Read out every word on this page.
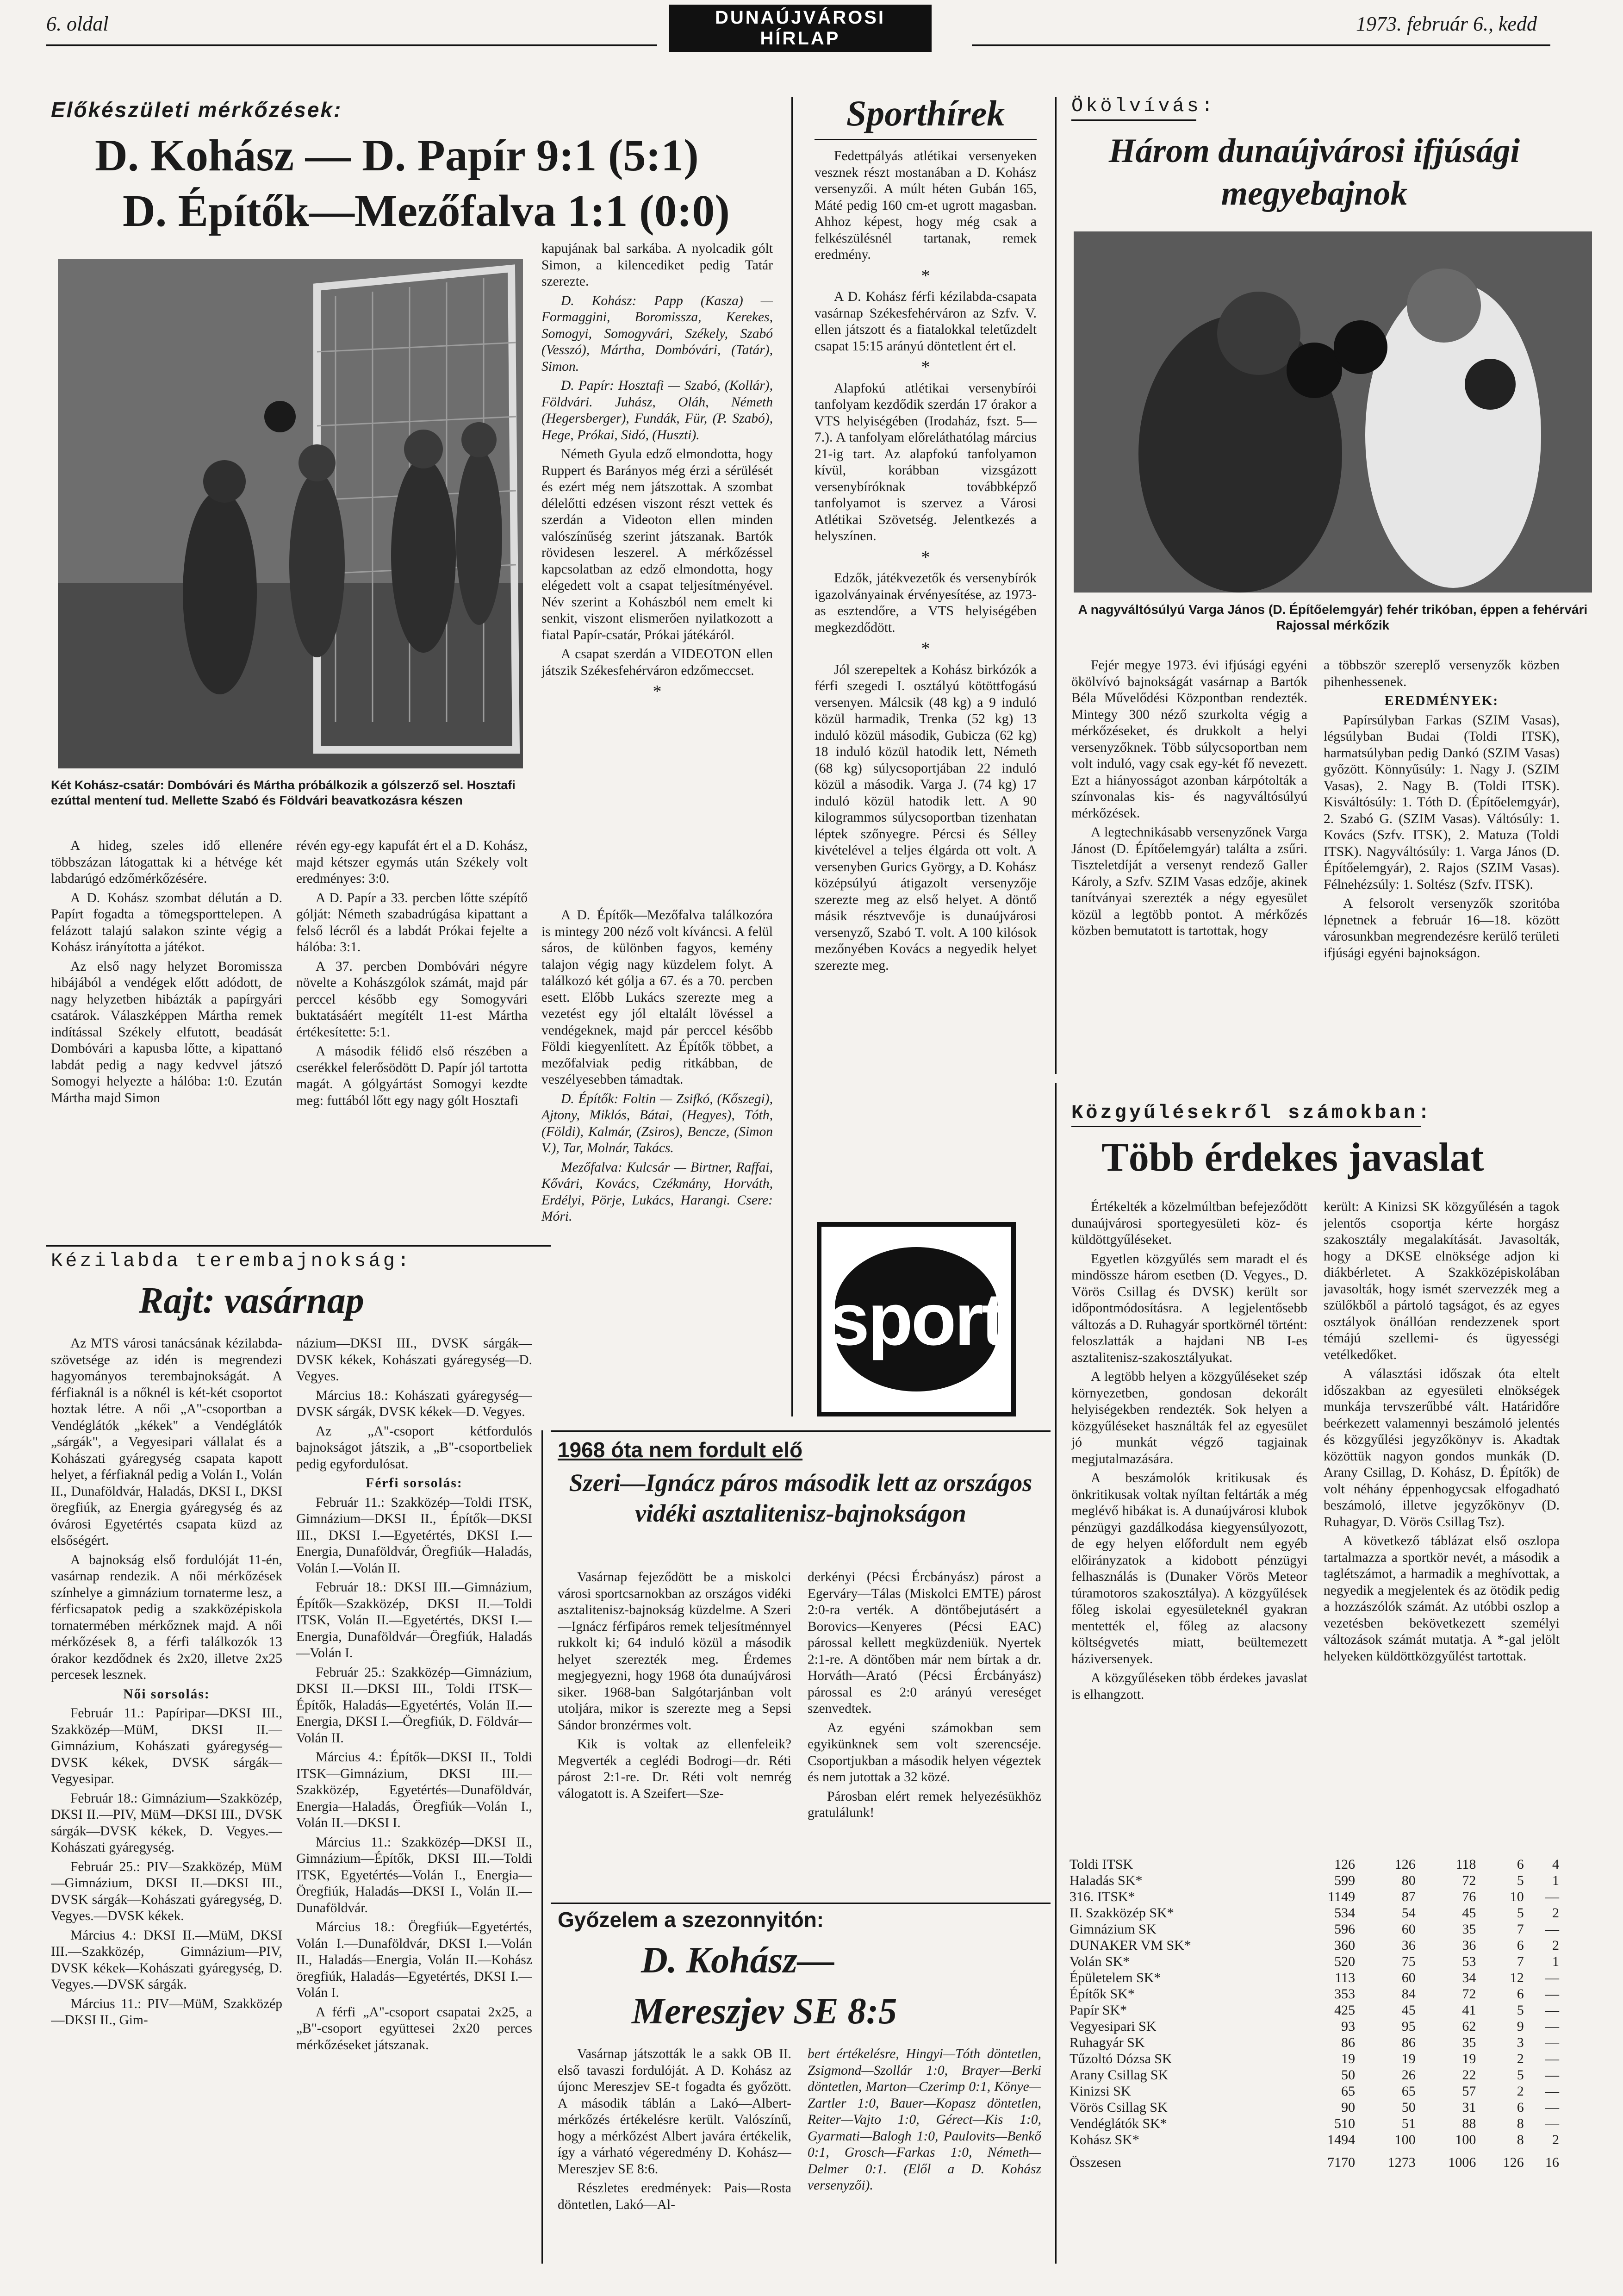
6. oldal	DUNAÚJVÁROSI HÍRLAP
1973. február 6., kedd
Előkészületi mérkőzések:
D. Kohász — D. Papír 9:1 (5:1)
D. Építők—Mezőfalva 1:1 (0:0)
Két Kohász-csatár: Dombóvári és Mártha próbálkozik a gólszerző sel. Hosztafi ezúttal mentení tud. Mellette Szabó és Földvári beavatkozásra készen

A hideg, szeles idő ellenére többszázan látogattak ki a hétvége két labdarúgó edzőmérkőzésére.

A D. Kohász szombat délután a D. Papírt fogadta a tömegsporttelepen. A felázott talajú salakon szinte végig a Kohász irányította a játékot.

Az első nagy helyzet Boromissza hibájából a vendégek előtt adódott, de nagy helyzetben hibázták a papírgyári csatárok. Válaszképpen Mártha remek indítással Székely elfutott, beadását Dombóvári a kapusba lőtte, a kipattanó labdát pedig a nagy kedvvel játszó Somogyi helyezte a hálóba: 1:0. Ezután Mártha majd Simon

révén egy-egy kapufát ért el a D. Kohász, majd kétszer egymás után Székely volt eredményes: 3:0.

A D. Papír a 33. percben lőtte szépítő gólját: Németh szabadrúgása kipattant a felső lécről és a labdát Prókai fejelte a hálóba: 3:1.

A 37. percben Dombóvári négyre növelte a Kohászgólok számát, majd pár perccel később egy Somogyvári buktatásáért megítélt 11-est Mártha értékesítette: 5:1.

A második félidő első részében a cserékkel felerősödött D. Papír jól tartotta magát. A gólgyártást Somogyi kezdte meg: futtából lőtt egy nagy gólt Hosztafi

kapujának bal sarkába. A nyolcadik gólt Simon, a kilencediket pedig Tatár szerezte.

D. Kohász: Papp (Kasza) — Formaggini, Boromissza, Kerekes, Somogyi, Somogyvári, Székely, Szabó (Vesszó), Mártha, Dombóvári, (Tatár), Simon.

D. Papír: Hosztafi — Szabó, (Kollár), Földvári. Juhász, Oláh, Németh (Hegersberger), Fundák, Für, (P. Szabó), Hege, Prókai, Sidó, (Huszti).

Németh Gyula edző elmondotta, hogy Ruppert és Barányos még érzi a sérülését és ezért még nem játszottak. A szombat délelőtti edzésen viszont részt vettek és szerdán a Videoton ellen minden valószínűség szerint játszanak. Bartók rövidesen leszerel. A mérkőzéssel kapcsolatban az edző elmondotta, hogy elégedett volt a csapat teljesítményével. Név szerint a Kohászból nem emelt ki senkit, viszont elismerően nyilatkozott a fiatal Papír-csatár, Prókai játékáról.

A csapat szerdán a VIDEOTON ellen játszik Székesfehérváron edzőmeccset.

*

A D. Építők—Mezőfalva találkozóra is mintegy 200 néző volt kíváncsi. A felül sáros, de különben fagyos, kemény talajon végig nagy küzdelem folyt. A találkozó két gólja a 67. és a 70. percben esett. Előbb Lukács szerezte meg a vezetést egy jól eltalált lövéssel a vendégeknek, majd pár perccel később Földi kiegyenlített. Az Építők többet, a mezőfalviak pedig ritkábban, de veszélyesebben támadtak.

D. Építők: Foltin — Zsifkó, (Kőszegi), Ajtony, Miklós, Bátai, (Hegyes), Tóth, (Földi), Kalmár, (Zsiros), Bencze, (Simon V.), Tar, Molnár, Takács.

Mezőfalva: Kulcsár — Birtner, Raffai, Kővári, Kovács, Czékmány, Horváth, Erdélyi, Pörje, Lukács, Harangi. Csere: Móri.

Sporthírek

Fedettpályás atlétikai versenyeken vesznek részt mostanában a D. Kohász versenyzői. A múlt héten Gubán 165, Máté pedig 160 cm-et ugrott magasban. Ahhoz képest, hogy még csak a felkészülésnél tartanak, remek eredmény.

*

A D. Kohász férfi kézilabda-csapata vasárnap Székesfehérváron az Szfv. V. ellen játszott és a fiatalokkal teletűzdelt csapat 15:15 arányú döntetlent ért el.

*

Alapfokú atlétikai versenybírói tanfolyam kezdődik szerdán 17 órakor a VTS helyiségében (Irodaház, fszt. 5—7.). A tanfolyam előreláthatólag március 21-ig tart. Az alapfokú tanfolyamon kívül, korábban vizsgázott versenybíróknak továbbképző tanfolyamot is szervez a Városi Atlétikai Szövetség. Jelentkezés a helyszínen.

*

Edzők, játékvezetők és versenybírók igazolványainak érvényesítése, az 1973-as esztendőre, a VTS helyiségében megkezdődött.

*

Jól szerepeltek a Kohász birkózók a férfi szegedi I. osztályú kötöttfogású versenyen. Málcsik (48 kg) a 9 induló közül harmadik, Trenka (52 kg) 13 induló közül második, Gubicza (62 kg) 18 induló közül hatodik lett, Németh (68 kg) súlycsoportjában 22 induló közül a második. Varga J. (74 kg) 17 induló közül hatodik lett. A 90 kilogrammos súlycsoportban tizenhatan léptek szőnyegre. Pércsi és Sélley kivételével a teljes élgárda ott volt. A versenyben Gurics György, a D. Kohász középsúlyú átigazolt versenyzője szerezte meg az első helyet. A döntő másik résztvevője is dunaújvárosi versenyző, Szabó T. volt. A 100 kilósok mezőnyében Kovács a negyedik helyet szerezte meg.

sport
Ökölvívás:
Három dunaújvárosi ifjúsági megyebajnok
A nagyváltósúlyú Varga János (D. Építőelemgyár) fehér trikóban, éppen a fehérvári Rajossal mérkőzik

Fejér megye 1973. évi ifjúsági egyéni ökölvívó bajnokságát vasárnap a Bartók Béla Művelődési Központban rendezték. Mintegy 300 néző szurkolta végig a mérkőzéseket, és drukkolt a helyi versenyzőknek. Több súlycsoportban nem volt induló, vagy csak egy-két fő nevezett. Ezt a hiányosságot azonban kárpótolták a színvonalas kis- és nagyváltósúlyú mérkőzések.

A legtechnikásabb versenyzőnek Varga Jánost (D. Építőelemgyár) találta a zsűri. Tiszteletdíját a versenyt rendező Galler Károly, a Szfv. SZIM Vasas edzője, akinek tanítványai szerezték a négy egyesület közül a legtöbb pontot. A mérkőzés közben bemutatott is tartottak, hogy

a többször szereplő versenyzők közben pihenhessenek.

EREDMÉNYEK:

Papírsúlyban Farkas (SZIM Vasas), légsúlyban Budai (Toldi ITSK), harmatsúlyban pedig Dankó (SZIM Vasas) győzött. Könnyűsúly: 1. Nagy J. (SZIM Vasas), 2. Nagy B. (Toldi ITSK). Kisváltósúly: 1. Tóth D. (Építőelemgyár), 2. Szabó G. (SZIM Vasas). Váltósúly: 1. Kovács (Szfv. ITSK), 2. Matuza (Toldi ITSK). Nagyváltósúly: 1. Varga János (D. Építőelemgyár), 2. Rajos (SZIM Vasas). Félnehézsúly: 1. Soltész (Szfv. ITSK).

A felsorolt versenyzők szoritóba lépnetnek a február 16—18. között városunkban megrendezésre kerülő területi ifjúsági egyéni bajnokságon.

Kézilabda terembajnokság:
Rajt: vasárnap

Az MTS városi tanácsának kézilabda-szövetsége az idén is megrendezi hagyományos terembajnokságát. A férfiaknál is a nőknél is két-két csoportot hoztak létre. A női „A"-csoportban a Vendéglátók „kékek" a Vendéglátók „sárgák", a Vegyesipari vállalat és a Kohászati gyáregység csapata kapott helyet, a férfiaknál pedig a Volán I., Volán II., Dunaföldvár, Haladás, DKSI I., DKSI öregfiúk, az Energia gyáregység és az óvárosi Egyetértés csapata küzd az elsőségért.

A bajnokság első fordulóját 11-én, vasárnap rendezik. A női mérkőzések színhelye a gimnázium tornaterme lesz, a férficsapatok pedig a szakközépiskola tornatermében mérkőznek majd. A női mérkőzések 8, a férfi találkozók 13 órakor kezdődnek és 2x20, illetve 2x25 percesek lesznek.

Női sorsolás:

Február 11.: Papíripar—DKSI III., Szakközép—MüM, DKSI II.—Gimnázium, Kohászati gyáregység—DVSK kékek, DVSK sárgák—Vegyesipar.

Február 18.: Gimnázium—Szakközép, DKSI II.—PIV, MüM—DKSI III., DVSK sárgák—DVSK kékek, D. Vegyes.—Kohászati gyáregység.

Február 25.: PIV—Szakközép, MüM—Gimnázium, DKSI II.—DKSI III., DVSK sárgák—Kohászati gyáregység, D. Vegyes.—DVSK kékek.

Március 4.: DKSI II.—MüM, DKSI III.—Szakközép, Gimnázium—PIV, DVSK kékek—Kohászati gyáregység, D. Vegyes.—DVSK sárgák.

Március 11.: PIV—MüM, Szakközép—DKSI II., Gim-

názium—DKSI III., DVSK sárgák—DVSK kékek, Kohászati gyáregység—D. Vegyes.

Március 18.: Kohászati gyáregység—DVSK sárgák, DVSK kékek—D. Vegyes.

Az „A"-csoport kétfordulós bajnokságot játszik, a „B"-csoportbeliek pedig egyfordulósat.

Férfi sorsolás:

Február 11.: Szakközép—Toldi ITSK, Gimnázium—DKSI II., Építők—DKSI III., DKSI I.—Egyetértés, DKSI I.—Energia, Dunaföldvár, Öregfiúk—Haladás, Volán I.—Volán II.

Február 18.: DKSI III.—Gimnázium, Építők—Szakközép, DKSI II.—Toldi ITSK, Volán II.—Egyetértés, DKSI I.—Energia, Dunaföldvár—Öregfiúk, Haladás—Volán I.

Február 25.: Szakközép—Gimnázium, DKSI II.—DKSI III., Toldi ITSK—Építők, Haladás—Egyetértés, Volán II.—Energia, DKSI I.—Öregfiúk, D. Földvár—Volán II.

Március 4.: Építők—DKSI II., Toldi ITSK—Gimnázium, DKSI III.—Szakközép, Egyetértés—Dunaföldvár, Energia—Haladás, Öregfiúk—Volán I., Volán II.—DKSI I.

Március 11.: Szakközép—DKSI II., Gimnázium—Építők, DKSI III.—Toldi ITSK, Egyetértés—Volán I., Energia—Öregfiúk, Haladás—DKSI I., Volán II.—Dunaföldvár.

Március 18.: Öregfiúk—Egyetértés, Volán I.—Dunaföldvár, DKSI I.—Volán II., Haladás—Energia, Volán II.—Kohász öregfiúk, Haladás—Egyetértés, DKSI I.—Volán I.

A férfi „A"-csoport csapatai 2x25, a „B"-csoport együttesei 2x20 perces mérkőzéseket játszanak.

1968 óta nem fordult elő
Szeri—Ignácz páros második lett az országos vidéki asztalitenisz-bajnokságon

Vasárnap fejeződött be a miskolci városi sportcsarnokban az országos vidéki asztalitenisz-bajnokság küzdelme. A Szeri—Ignácz férfipáros remek teljesítménnyel rukkolt ki; 64 induló közül a második helyet szerezték meg. Érdemes megjegyezni, hogy 1968 óta dunaújvárosi siker. 1968-ban Salgótarjánban volt utoljára, mikor is szerezte meg a Sepsi Sándor bronzérmes volt.

Kik is voltak az ellenfeleik? Megverték a ceglédi Bodrogi—dr. Réti párost 2:1-re. Dr. Réti volt nemrég válogatott is. A Szeifert—Sze-

derkényi (Pécsi Ércbányász) párost a Egerváry—Tálas (Miskolci EMTE) párost 2:0-ra verték. A döntőbejutásért a Borovics—Kenyeres (Pécsi EAC) párossal kellett megküzdeniük. Nyertek 2:1-re. A döntőben már nem bírtak a dr. Horváth—Arató (Pécsi Ércbányász) párossal es 2:0 arányú vereséget szenvedtek.

Az egyéni számokban sem egyikünknek sem volt szerencséje. Csoportjukban a második helyen végeztek és nem jutottak a 32 közé.

Párosban elért remek helyezésükhöz gratulálunk!

Győzelem a szezonnyitón:
D. Kohász—
Mereszjev SE 8:5

Vasárnap játszották le a sakk OB II. első tavaszi fordulóját. A D. Kohász az újonc Mereszjev SE-t fogadta és győzött. A második táblán a Lakó—Albert-mérkőzés értékelésre került. Valószínű, hogy a mérkőzést Albert javára értékelik, így a várható végeredmény D. Kohász—Mereszjev SE 8:6.

Részletes eredmények: Pais—Rosta döntetlen, Lakó—Al-

bert értékelésre, Hingyi—Tóth döntetlen, Zsigmond—Szollár 1:0, Brayer—Berki döntetlen, Marton—Czerimp 0:1, Könye—Zartler 1:0, Bauer—Kopasz döntetlen, Reiter—Vajto 1:0, Gérect—Kis 1:0, Gyarmati—Balogh 1:0, Paulovits—Benkő 0:1, Grosch—Farkas 1:0, Németh—Delmer 0:1. (Elől a D. Kohász versenyzői).

Közgyűlésekről számokban:
Több érdekes javaslat

Értékelték a közelmúltban befejeződött dunaújvárosi sportegyesületi köz- és küldöttgyűléseket.

Egyetlen közgyűlés sem maradt el és mindössze három esetben (D. Vegyes., D. Vörös Csillag és DVSK) került sor időpontmódosításra. A legjelentősebb változás a D. Ruhagyár sportkörnél történt: feloszlatták a hajdani NB I-es asztalitenisz-szakosztályukat.

A legtöbb helyen a közgyűléseket szép környezetben, gondosan dekorált helyiségekben rendezték. Sok helyen a közgyűléseket használták fel az egyesület jó munkát végző tagjainak megjutalmazására.

A beszámolók kritikusak és önkritikusak voltak nyíltan feltárták a még meglévő hibákat is. A dunaújvárosi klubok pénzügyi gazdálkodása kiegyensúlyozott, de egy helyen előfordult nem egyéb előirányzatok a kidobott pénzügyi felhasználás is (Dunaker Vörös Meteor túramotoros szakosztálya). A közgyűlések főleg iskolai egyesületeknél gyakran mentették el, főleg az alacsony költségvetés miatt, beültemezett háziversenyek.

A közgyűléseken több érdekes javaslat is elhangzott.

került: A Kinizsi SK közgyűlésén a tagok jelentős csoportja kérte horgász szakosztály megalakítását. Javasolták, hogy a DKSE elnöksége adjon ki diákbérletet. A Szakközépiskolában javasolták, hogy ismét szervezzék meg a szülőkből a pártoló tagságot, és az egyes osztályok önállóan rendezzenek sport témájú szellemi- és ügyességi vetélkedőket.

A választási időszak óta eltelt időszakban az egyesületi elnökségek munkája tervszerűbbé vált. Határidőre beérkezett valamennyi beszámoló jelentés és közgyűlési jegyzőkönyv is. Akadtak közöttük nagyon gondos munkák (D. Arany Csillag, D. Kohász, D. Építők) de volt néhány éppenhogycsak elfogadható beszámoló, illetve jegyzőkönyv (D. Ruhagyar, D. Vörös Csillag Tsz).

A következő táblázat első oszlopa tartalmazza a sportkör nevét, a második a taglétszámot, a harmadik a meghívottak, a negyedik a megjelentek és az ötödik pedig a hozzászólók számát. Az utóbbi oszlop a vezetésben bekövetkezett személyi változások számát mutatja. A *-gal jelölt helyeken küldöttközgyűlést tartottak.

Toldi ITSK	126	126	118	6	4
Haladás SK*	599	80	72	5	1
316. ITSK*	1149	87	76	10	—
II. Szakközép SK*	534	54	45	5	2
Gimnázium SK	596	60	35	7	—
DUNAKER VM SK*	360	36	36	6	2
Volán SK*	520	75	53	7	1
Épületelem SK*	113	60	34	12	—
Építők SK*	353	84	72	6	—
Papír SK*	425	45	41	5	—
Vegyesipari SK	93	95	62	9	—
Ruhagyár SK	86	86	35	3	—
Tűzoltó Dózsa SK	19	19	19	2	—
Arany Csillag SK	50	26	22	5	—
Kinizsi SK	65	65	57	2	—
Vörös Csillag SK	90	50	31	6	—
Vendéglátók SK*	510	51	88	8	—
Kohász SK*	1494	100	100	8	2
Összesen	7170	1273	1006	126	16
